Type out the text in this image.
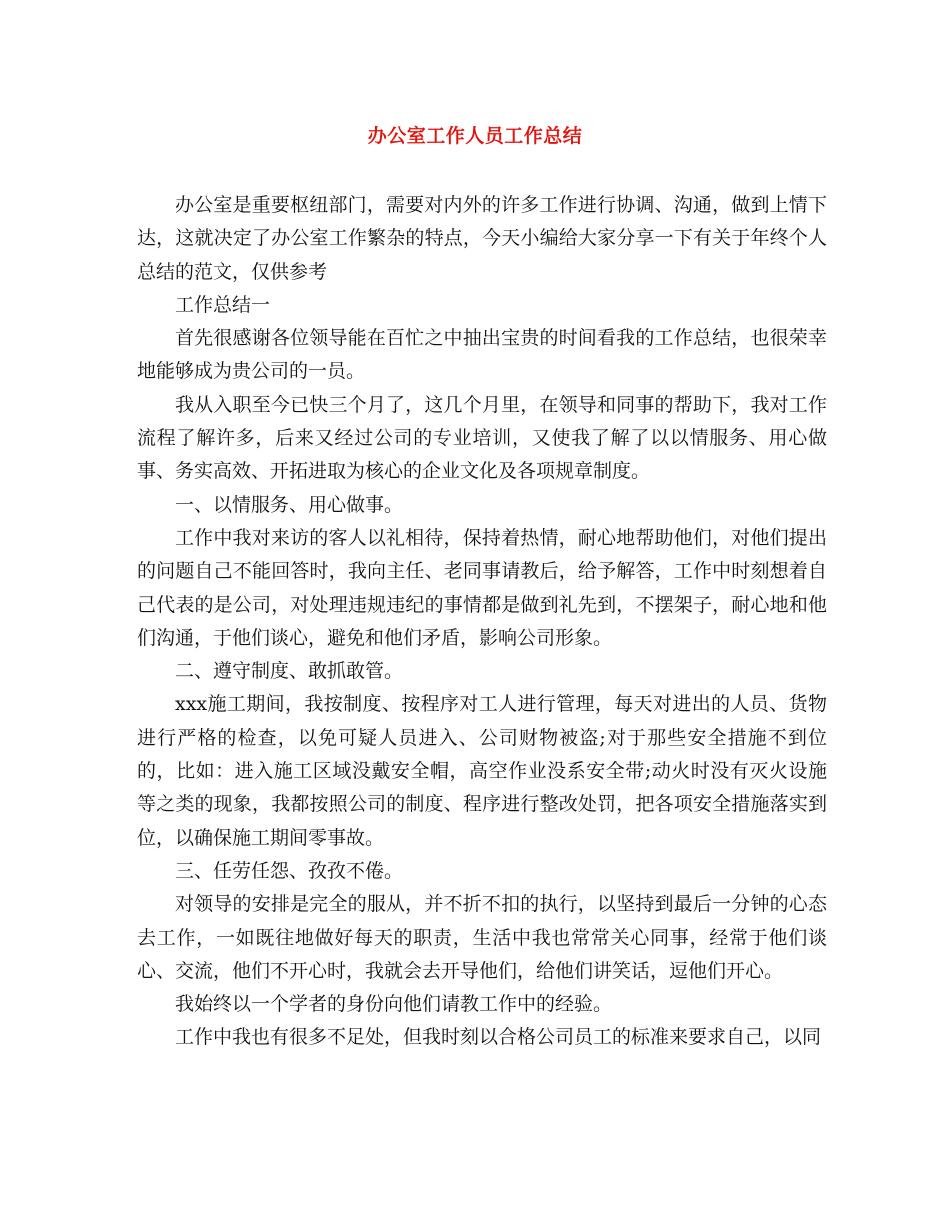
办公室工作人员工作总结

办公室是重要枢纽部门，需要对内外的许多工作进行协调、沟通，做到上情下达，这就决定了办公室工作繁杂的特点，今天小编给大家分享一下有关于年终个人总结的范文，仅供参考

工作总结一

首先很感谢各位领导能在百忙之中抽出宝贵的时间看我的工作总结，也很荣幸地能够成为贵公司的一员。

我从入职至今已快三个月了，这几个月里，在领导和同事的帮助下，我对工作流程了解许多，后来又经过公司的专业培训，又使我了解了以以情服务、用心做事、务实高效、开拓进取为核心的企业文化及各项规章制度。

一、以情服务、用心做事。

工作中我对来访的客人以礼相待，保持着热情，耐心地帮助他们，对他们提出的问题自己不能回答时，我向主任、老同事请教后，给予解答，工作中时刻想着自己代表的是公司，对处理违规违纪的事情都是做到礼先到，不摆架子，耐心地和他们沟通，于他们谈心，避免和他们矛盾，影响公司形象。

二、遵守制度、敢抓敢管。

xxx施工期间，我按制度、按程序对工人进行管理，每天对进出的人员、货物进行严格的检查，以免可疑人员进入、公司财物被盗;对于那些安全措施不到位的，比如：进入施工区域没戴安全帽，高空作业没系安全带;动火时没有灭火设施等之类的现象，我都按照公司的制度、程序进行整改处罚，把各项安全措施落实到位，以确保施工期间零事故。

三、任劳任怨、孜孜不倦。

对领导的安排是完全的服从，并不折不扣的执行，以坚持到最后一分钟的心态去工作，一如既往地做好每天的职责，生活中我也常常关心同事，经常于他们谈心、交流，他们不开心时，我就会去开导他们，给他们讲笑话，逗他们开心。

我始终以一个学者的身份向他们请教工作中的经验。

工作中我也有很多不足处，但我时刻以合格公司员工的标准来要求自己，以同
